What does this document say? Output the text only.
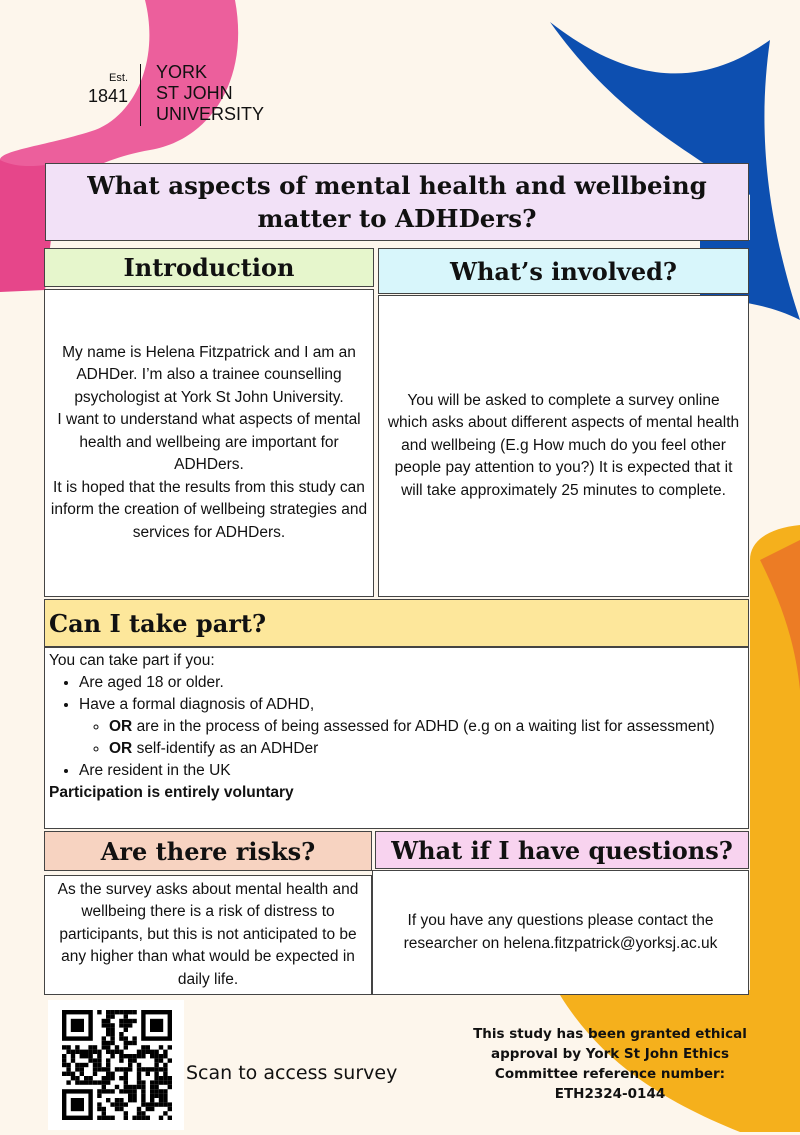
Est.
1841
YORK
ST JOHN
UNIVERSITY
What aspects of mental health and wellbeing matter to ADHDers?
Introduction
My name is Helena Fitzpatrick and I am an ADHDer. I’m also a trainee counselling psychologist at York St John University.
I want to understand what aspects of mental health and wellbeing are important for ADHDers.
It is hoped that the results from this study can inform the creation of wellbeing strategies and services for ADHDers.
What’s involved?
You will be asked to complete a survey online which asks about different aspects of mental health and wellbeing (E.g How much do you feel other people pay attention to you?) It is expected that it will take approximately 25 minutes to complete.
Can I take part?
You can take part if you:
• Are aged 18 or older.
• Have a formal diagnosis of ADHD,
◦ OR are in the process of being assessed for ADHD (e.g on a waiting list for assessment)
◦ OR self-identify as an ADHDer
• Are resident in the UK
Participation is entirely voluntary
Are there risks?
As the survey asks about mental health and wellbeing there is a risk of distress to participants, but this is not anticipated to be any higher than what would be expected in daily life.
What if I have questions?
If you have any questions please contact the researcher on helena.fitzpatrick@yorksj.ac.uk
Scan to access survey
This study has been granted ethical approval by York St John Ethics Committee reference number: ETH2324-0144
